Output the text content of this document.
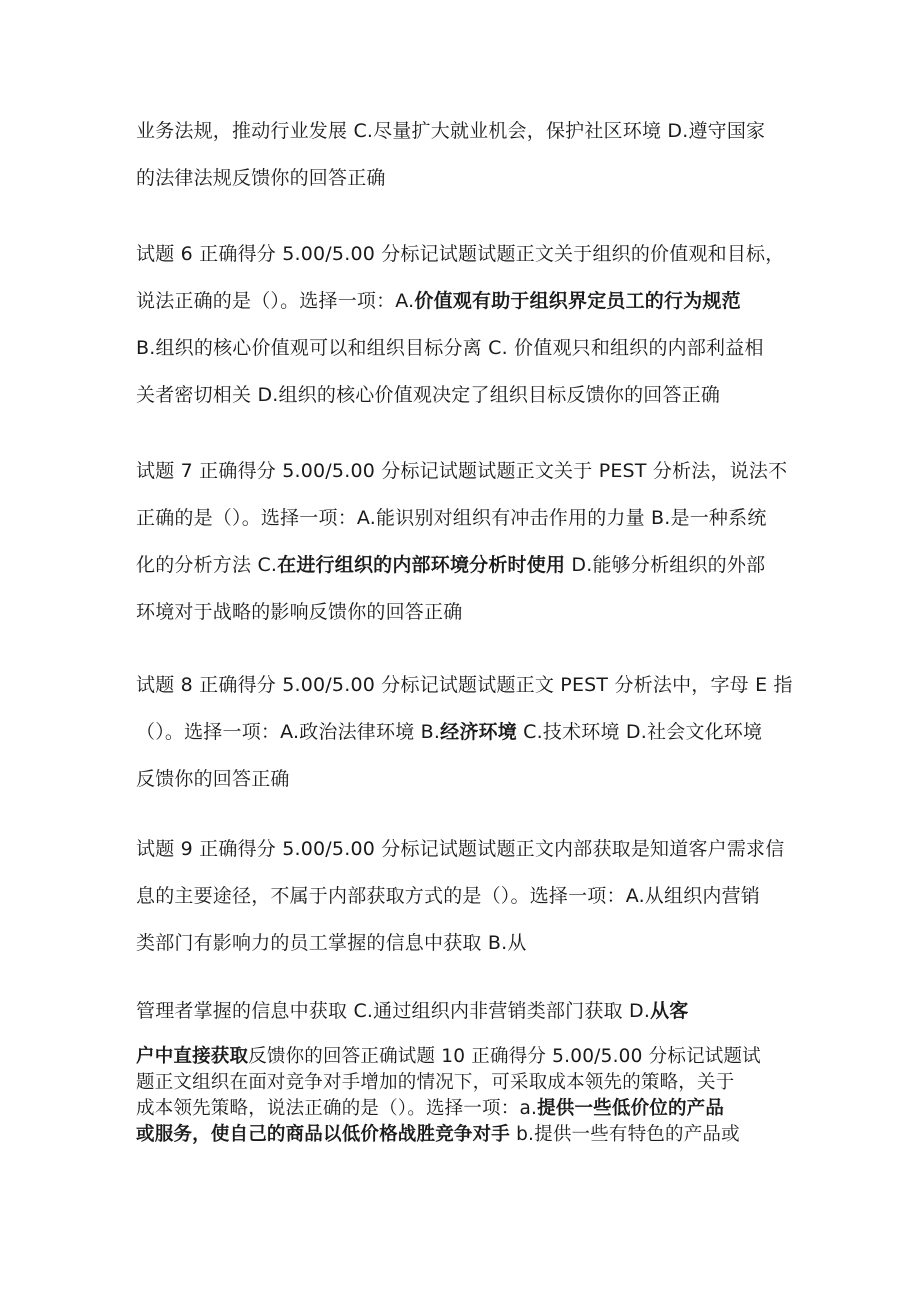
业务法规，推动行业发展 C.尽量扩大就业机会，保护社区环境 D.遵守国家
的法律法规反馈你的回答正确

试题 6 正确得分 5.00/5.00 分标记试题试题正文关于组织的价值观和目标，
说法正确的是（）。选择一项：A.价值观有助于组织界定员工的行为规范
B.组织的核心价值观可以和组织目标分离 C. 价值观只和组织的内部利益相
关者密切相关 D.组织的核心价值观决定了组织目标反馈你的回答正确

试题 7 正确得分 5.00/5.00 分标记试题试题正文关于 PEST 分析法，说法不
正确的是（）。选择一项：A.能识别对组织有冲击作用的力量 B.是一种系统
化的分析方法 C.在进行组织的内部环境分析时使用 D.能够分析组织的外部
环境对于战略的影响反馈你的回答正确

试题 8 正确得分 5.00/5.00 分标记试题试题正文 PEST 分析法中，字母 E 指
（）。选择一项：A.政治法律环境 B.经济环境 C.技术环境 D.社会文化环境
反馈你的回答正确

试题 9 正确得分 5.00/5.00 分标记试题试题正文内部获取是知道客户需求信
息的主要途径，不属于内部获取方式的是（）。选择一项：A.从组织内营销
类部门有影响力的员工掌握的信息中获取 B.从

管理者掌握的信息中获取 C.通过组织内非营销类部门获取 D.从客

户中直接获取反馈你的回答正确试题 10 正确得分 5.00/5.00 分标记试题试
题正文组织在面对竞争对手增加的情况下，可采取成本领先的策略，关于
成本领先策略，说法正确的是（）。选择一项：a.提供一些低价位的产品
或服务，使自己的商品以低价格战胜竞争对手 b.提供一些有特色的产品或
